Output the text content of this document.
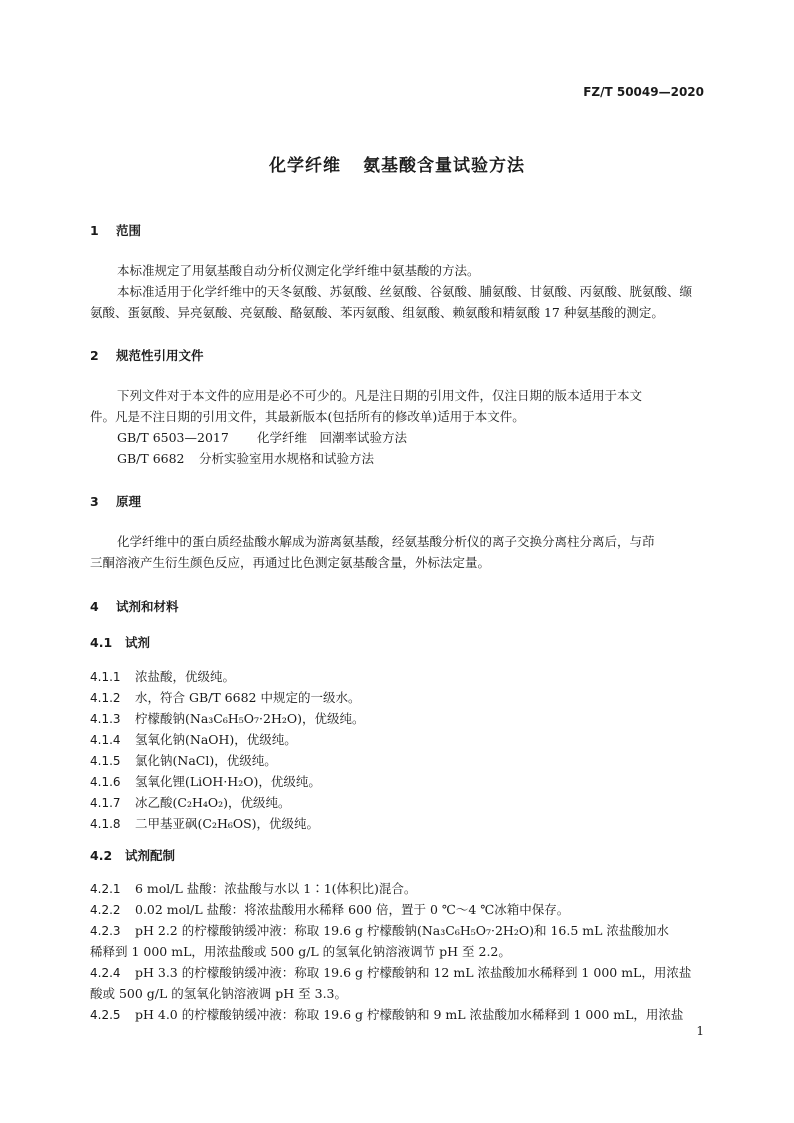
FZ/T 50049—2020
化学纤维 氨基酸含量试验方法
1 范围
本标准规定了用氨基酸自动分析仪测定化学纤维中氨基酸的方法。
本标准适用于化学纤维中的天冬氨酸、苏氨酸、丝氨酸、谷氨酸、脯氨酸、甘氨酸、丙氨酸、胱氨酸、缬
氨酸、蛋氨酸、异亮氨酸、亮氨酸、酪氨酸、苯丙氨酸、组氨酸、赖氨酸和精氨酸 17 种氨基酸的测定。
2 规范性引用文件
下列文件对于本文件的应用是必不可少的。凡是注日期的引用文件，仅注日期的版本适用于本文
件。凡是不注日期的引用文件，其最新版本(包括所有的修改单)适用于本文件。
GB/T 6503—2017 化学纤维　回潮率试验方法
GB/T 6682 分析实验室用水规格和试验方法
3 原理
化学纤维中的蛋白质经盐酸水解成为游离氨基酸，经氨基酸分析仪的离子交换分离柱分离后，与茚
三酮溶液产生衍生颜色反应，再通过比色测定氨基酸含量，外标法定量。
4 试剂和材料
4.1 试剂
4.1.1 浓盐酸，优级纯。
4.1.2 水，符合 GB/T 6682 中规定的一级水。
4.1.3 柠檬酸钠(Na₃C₆H₅O₇·2H₂O)，优级纯。
4.1.4 氢氧化钠(NaOH)，优级纯。
4.1.5 氯化钠(NaCl)，优级纯。
4.1.6 氢氧化锂(LiOH·H₂O)，优级纯。
4.1.7 冰乙酸(C₂H₄O₂)，优级纯。
4.1.8 二甲基亚砜(C₂H₆OS)，优级纯。
4.2 试剂配制
4.2.1 6 mol/L 盐酸：浓盐酸与水以 1∶1(体积比)混合。
4.2.2 0.02 mol/L 盐酸：将浓盐酸用水稀释 600 倍，置于 0 ℃～4 ℃冰箱中保存。
4.2.3 pH 2.2 的柠檬酸钠缓冲液：称取 19.6 g 柠檬酸钠(Na₃C₆H₅O₇·2H₂O)和 16.5 mL 浓盐酸加水
稀释到 1 000 mL，用浓盐酸或 500 g/L 的氢氧化钠溶液调节 pH 至 2.2。
4.2.4 pH 3.3 的柠檬酸钠缓冲液：称取 19.6 g 柠檬酸钠和 12 mL 浓盐酸加水稀释到 1 000 mL，用浓盐
酸或 500 g/L 的氢氧化钠溶液调 pH 至 3.3。
4.2.5 pH 4.0 的柠檬酸钠缓冲液：称取 19.6 g 柠檬酸钠和 9 mL 浓盐酸加水稀释到 1 000 mL，用浓盐
1
